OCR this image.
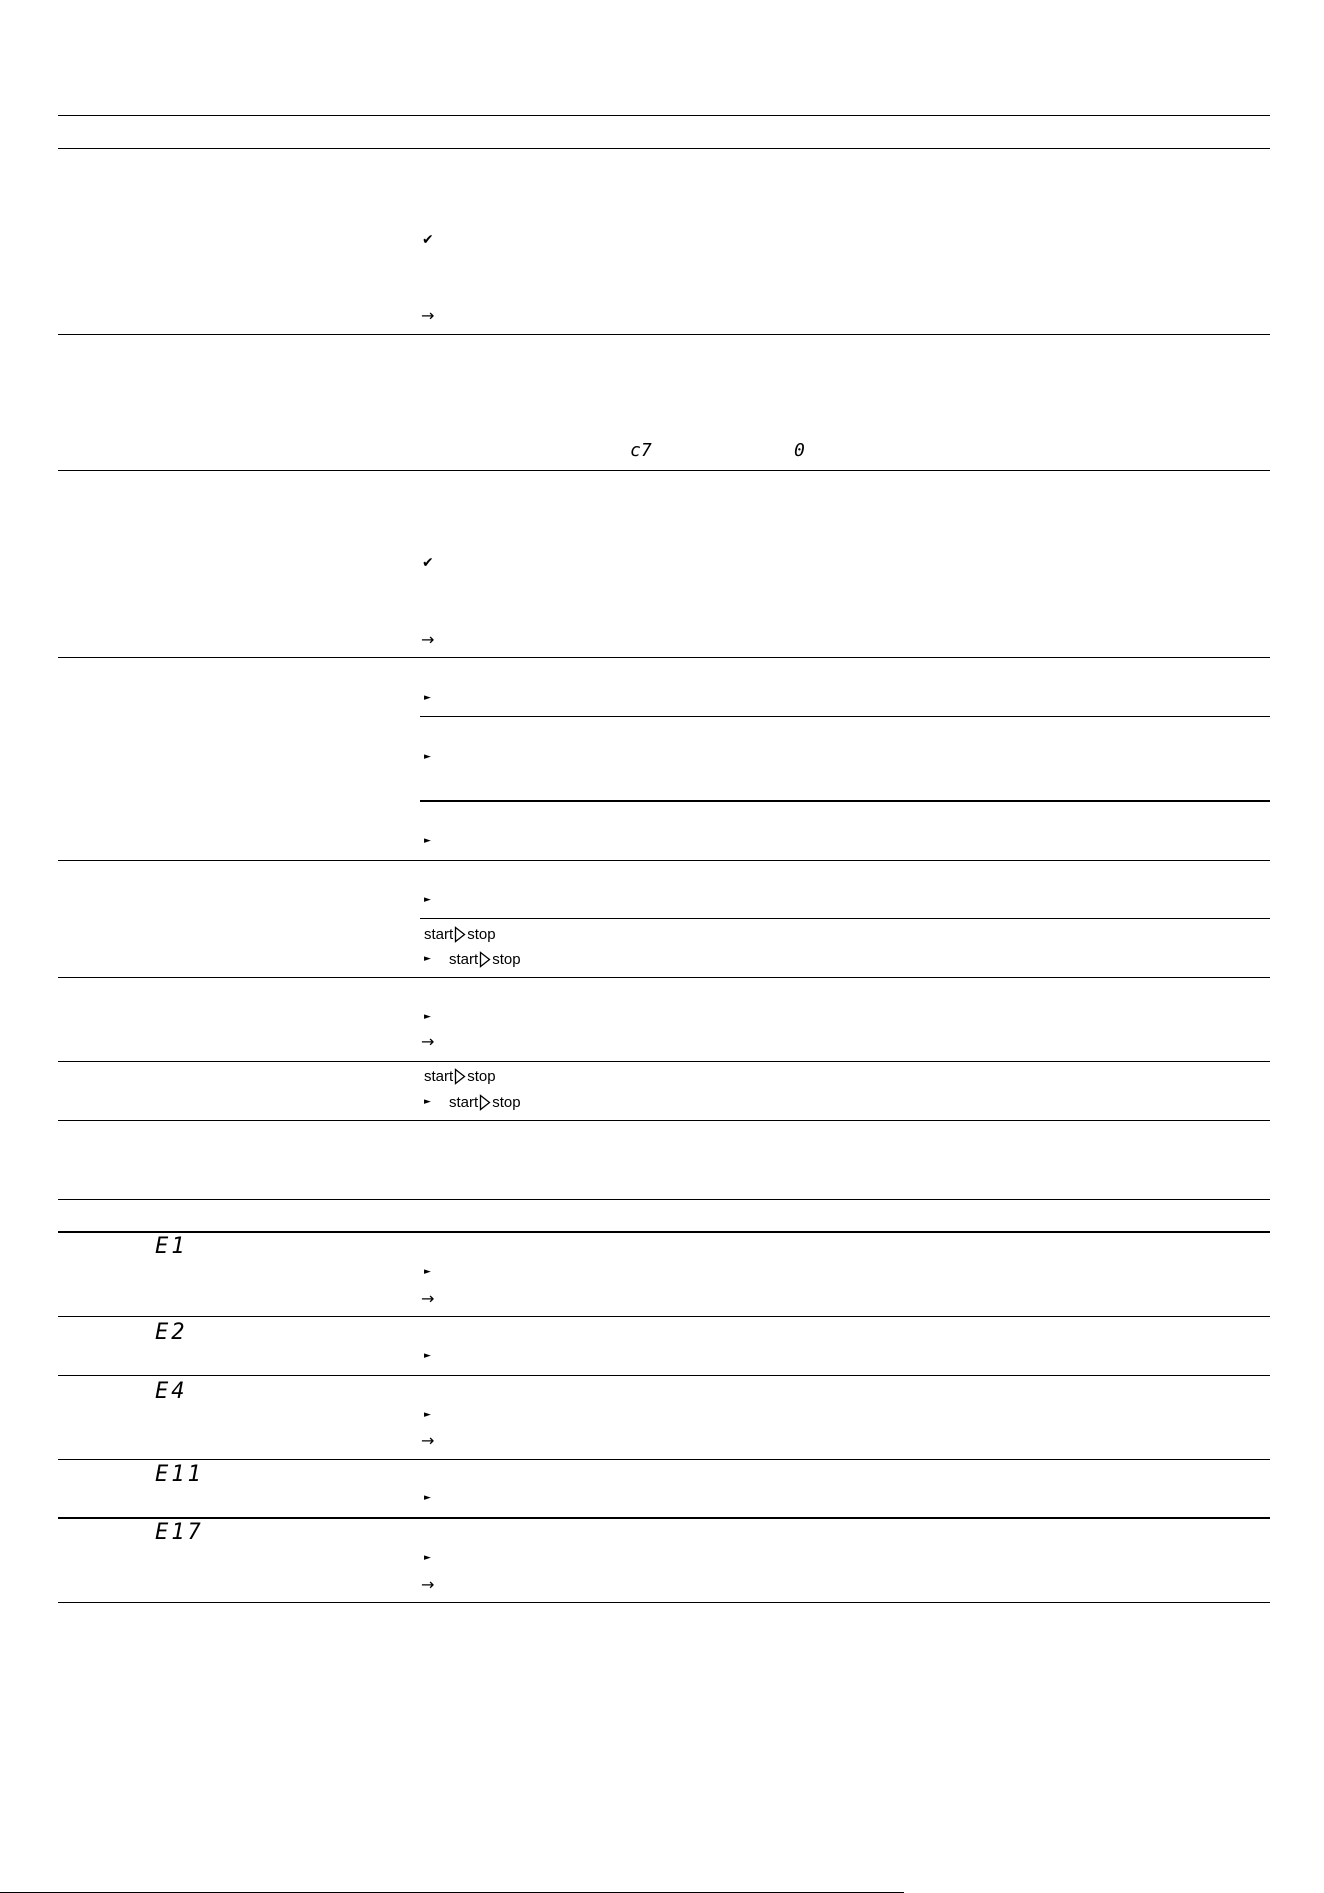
✔
→
c7	0
✔
→
►
►
►
►
start stop
► start stop
►
→
start stop
► start stop
E1
►
→
E2
►
E4
►
→
E11
►
E17
►
→
